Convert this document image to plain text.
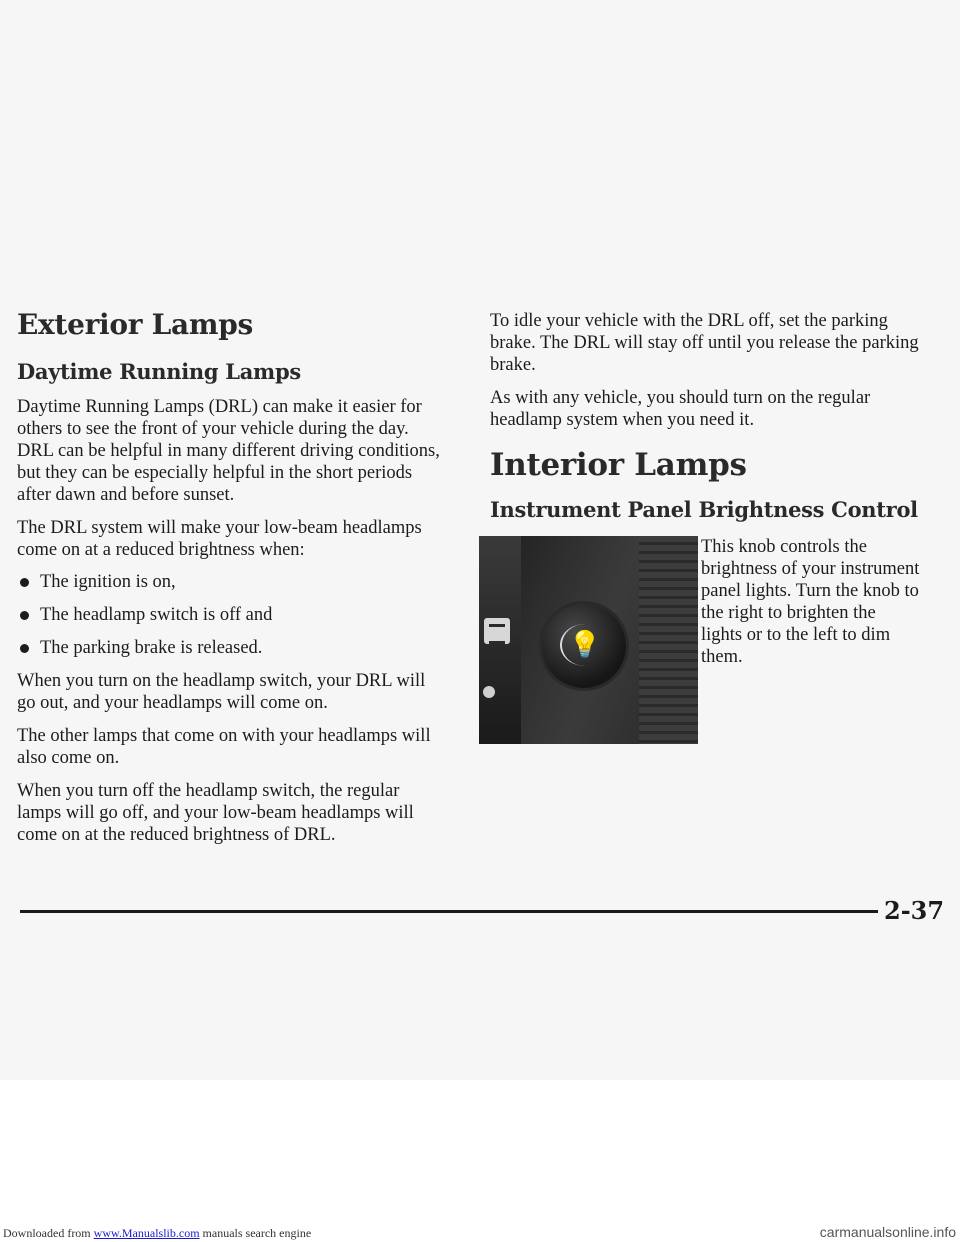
Exterior Lamps
Daytime Running Lamps

Daytime Running Lamps (DRL) can make it easier for others to see the front of your vehicle during the day. DRL can be helpful in many different driving conditions, but they can be especially helpful in the short periods after dawn and before sunset.

The DRL system will make your low-beam headlamps come on at a reduced brightness when:

The ignition is on,
The headlamp switch is off and
The parking brake is released.

When you turn on the headlamp switch, your DRL will go out, and your headlamps will come on.

The other lamps that come on with your headlamps will also come on.

When you turn off the headlamp switch, the regular lamps will go off, and your low-beam headlamps will come on at the reduced brightness of DRL.

To idle your vehicle with the DRL off, set the parking brake. The DRL will stay off until you release the parking brake.

As with any vehicle, you should turn on the regular headlamp system when you need it.

Interior Lamps
Instrument Panel Brightness Control
💡

This knob controls the brightness of your instrument panel lights. Turn the knob to the right to brighten the lights or to the left to dim them.

2-37
Downloaded from www.Manualslib.com manuals search engine	carmanualsonline.info
